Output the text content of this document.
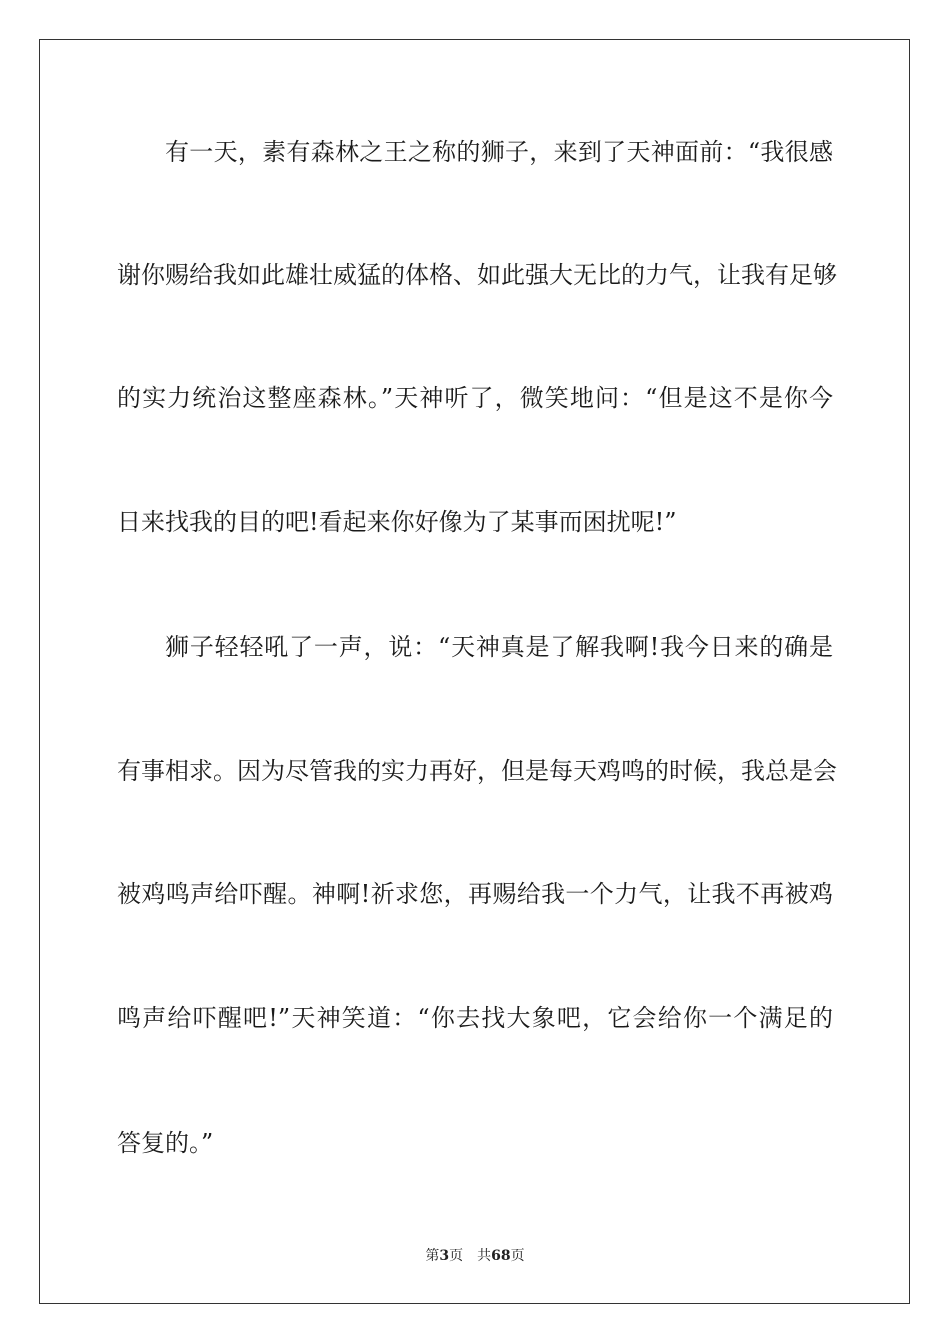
有一天，素有森林之王之称的狮子，来到了天神面前：“我很感
谢你赐给我如此雄壮威猛的体格、如此强大无比的力气，让我有足够
的实力统治这整座森林。”天神听了，微笑地问：“但是这不是你今
日来找我的目的吧!看起来你好像为了某事而困扰呢!”
狮子轻轻吼了一声，说：“天神真是了解我啊!我今日来的确是
有事相求。因为尽管我的实力再好，但是每天鸡鸣的时候，我总是会
被鸡鸣声给吓醒。神啊!祈求您，再赐给我一个力气，让我不再被鸡
鸣声给吓醒吧!”天神笑道：“你去找大象吧，它会给你一个满足的
答复的。”
第3页 共68页
